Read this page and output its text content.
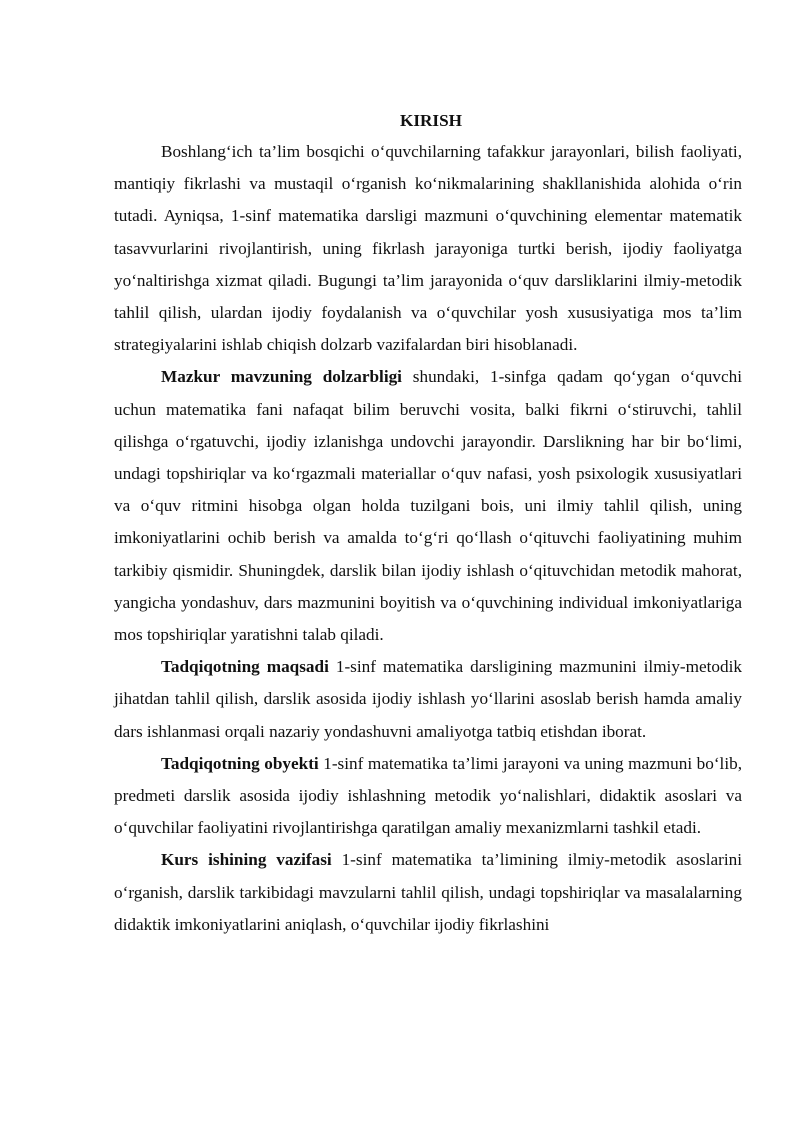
KIRISH

Boshlang‘ich ta’lim bosqichi o‘quvchilarning tafakkur jarayonlari, bilish faoliyati, mantiqiy fikrlashi va mustaqil o‘rganish ko‘nikmalarining shakllanishida alohida o‘rin tutadi. Ayniqsa, 1-sinf matematika darsligi mazmuni o‘quvchining elementar matematik tasavvurlarini rivojlantirish, uning fikrlash jarayoniga turtki berish, ijodiy faoliyatga yo‘naltirishga xizmat qiladi. Bugungi ta’lim jarayonida o‘quv darsliklarini ilmiy-metodik tahlil qilish, ulardan ijodiy foydalanish va o‘quvchilar yosh xususiyatiga mos ta’lim strategiyalarini ishlab chiqish dolzarb vazifalardan biri hisoblanadi.

Mazkur mavzuning dolzarbligi shundaki, 1-sinfga qadam qo‘ygan o‘quvchi uchun matematika fani nafaqat bilim beruvchi vosita, balki fikrni o‘stiruvchi, tahlil qilishga o‘rgatuvchi, ijodiy izlanishga undovchi jarayondir. Darslikning har bir bo‘limi, undagi topshiriqlar va ko‘rgazmali materiallar o‘quv nafasi, yosh psixologik xususiyatlari va o‘quv ritmini hisobga olgan holda tuzilgani bois, uni ilmiy tahlil qilish, uning imkoniyatlarini ochib berish va amalda to‘g‘ri qo‘llash o‘qituvchi faoliyatining muhim tarkibiy qismidir. Shuningdek, darslik bilan ijodiy ishlash o‘qituvchidan metodik mahorat, yangicha yondashuv, dars mazmunini boyitish va o‘quvchining individual imkoniyatlariga mos topshiriqlar yaratishni talab qiladi.

Tadqiqotning maqsadi 1-sinf matematika darsligining mazmunini ilmiy-metodik jihatdan tahlil qilish, darslik asosida ijodiy ishlash yo‘llarini asoslab berish hamda amaliy dars ishlanmasi orqali nazariy yondashuvni amaliyotga tatbiq etishdan iborat.

Tadqiqotning obyekti 1-sinf matematika ta’limi jarayoni va uning mazmuni bo‘lib, predmeti darslik asosida ijodiy ishlashning metodik yo‘nalishlari, didaktik asoslari va o‘quvchilar faoliyatini rivojlantirishga qaratilgan amaliy mexanizmlarni tashkil etadi.

Kurs ishining vazifasi 1-sinf matematika ta’limining ilmiy-metodik asoslarini o‘rganish, darslik tarkibidagi mavzularni tahlil qilish, undagi topshiriqlar va masalalarning didaktik imkoniyatlarini aniqlash, o‘quvchilar ijodiy fikrlashini
